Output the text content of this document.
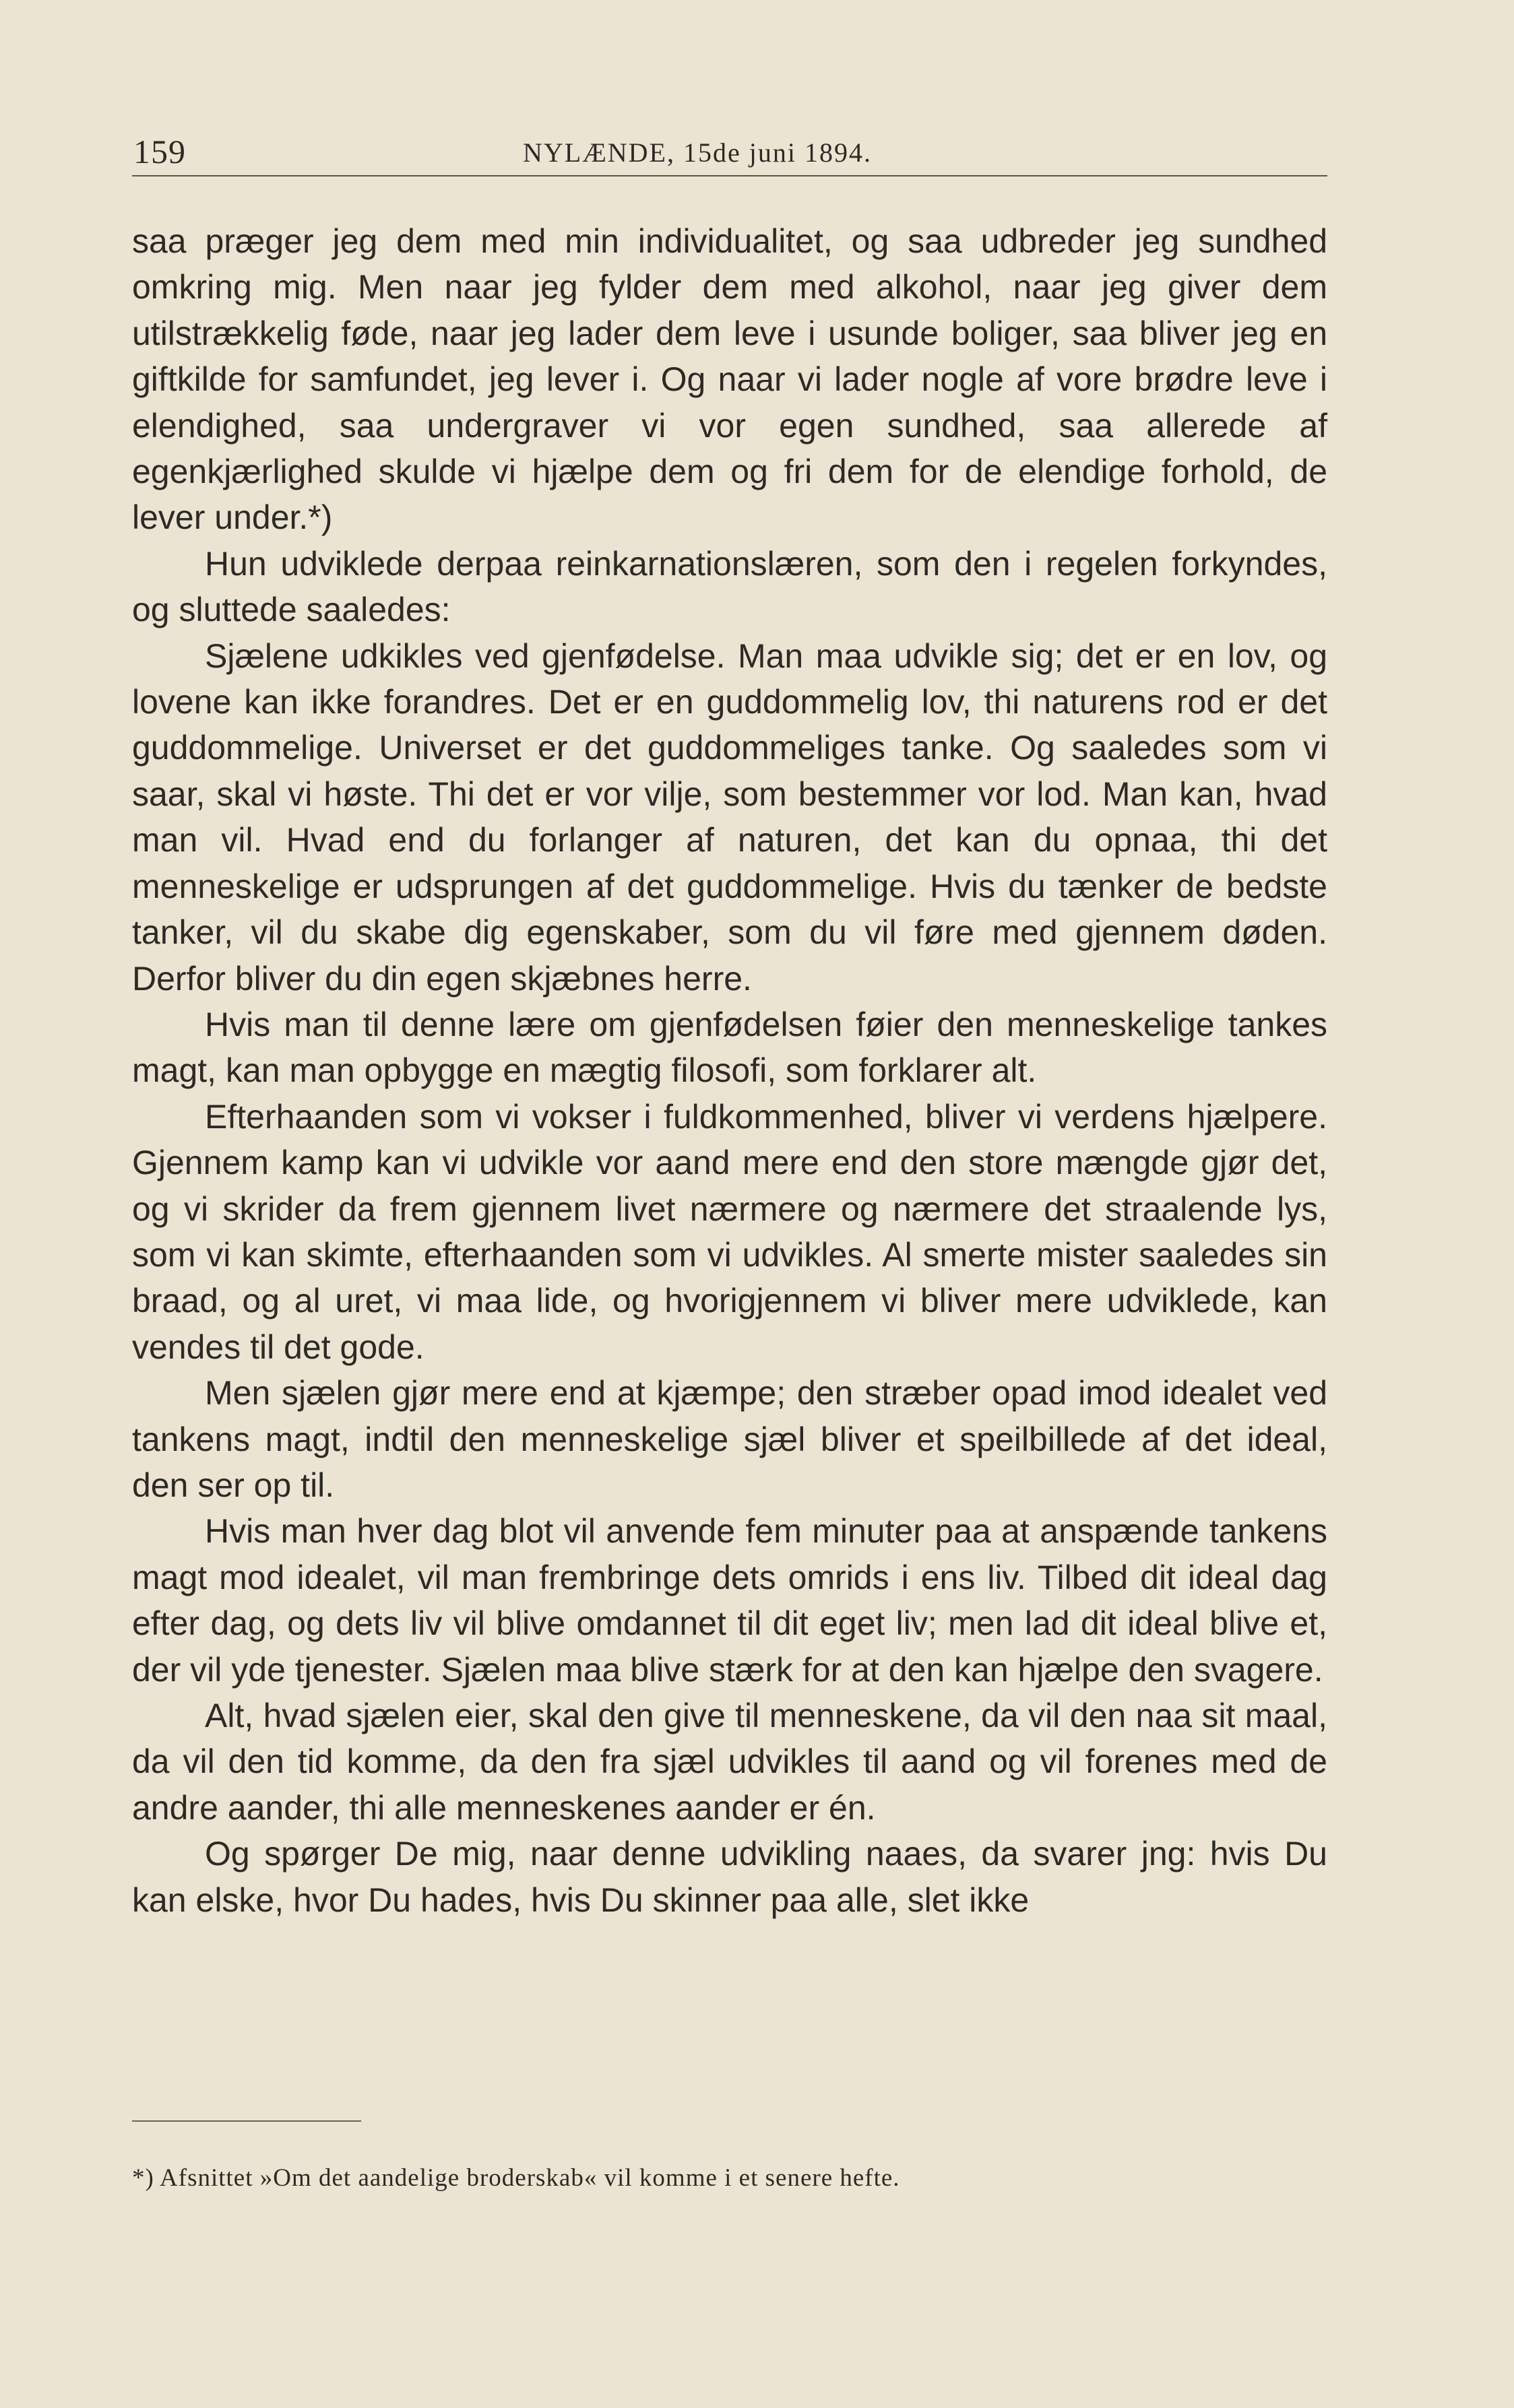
159	NYLÆNDE, 15de juni 1894.

saa præger jeg dem med min individualitet, og saa udbreder jeg sundhed omkring mig. Men naar jeg fylder dem med alkohol, naar jeg giver dem utilstrækkelig føde, naar jeg lader dem leve i usunde boliger, saa bliver jeg en giftkilde for samfundet, jeg lever i. Og naar vi lader nogle af vore brødre leve i elendighed, saa undergraver vi vor egen sundhed, saa allerede af egenkjærlighed skulde vi hjælpe dem og fri dem for de elendige forhold, de lever under.*)

Hun udviklede derpaa reinkarnationslæren, som den i regelen forkyndes, og sluttede saaledes:

Sjælene udkikles ved gjenfødelse. Man maa udvikle sig; det er en lov, og lovene kan ikke forandres. Det er en guddommelig lov, thi naturens rod er det guddommelige. Universet er det guddommeliges tanke. Og saaledes som vi saar, skal vi høste. Thi det er vor vilje, som bestemmer vor lod. Man kan, hvad man vil. Hvad end du forlanger af naturen, det kan du opnaa, thi det menneskelige er udsprungen af det guddommelige. Hvis du tænker de bedste tanker, vil du skabe dig egenskaber, som du vil føre med gjennem døden. Derfor bliver du din egen skjæbnes herre.

Hvis man til denne lære om gjenfødelsen føier den menneskelige tankes magt, kan man opbygge en mægtig filosofi, som forklarer alt.

Efterhaanden som vi vokser i fuldkommenhed, bliver vi verdens hjælpere. Gjennem kamp kan vi udvikle vor aand mere end den store mængde gjør det, og vi skrider da frem gjennem livet nærmere og nærmere det straalende lys, som vi kan skimte, efterhaanden som vi udvikles. Al smerte mister saaledes sin braad, og al uret, vi maa lide, og hvorigjennem vi bliver mere udviklede, kan vendes til det gode.

Men sjælen gjør mere end at kjæmpe; den stræber opad imod idealet ved tankens magt, indtil den menneskelige sjæl bliver et speilbillede af det ideal, den ser op til.

Hvis man hver dag blot vil anvende fem minuter paa at anspænde tankens magt mod idealet, vil man frembringe dets omrids i ens liv. Tilbed dit ideal dag efter dag, og dets liv vil blive omdannet til dit eget liv; men lad dit ideal blive et, der vil yde tjenester. Sjælen maa blive stærk for at den kan hjælpe den svagere.

Alt, hvad sjælen eier, skal den give til menneskene, da vil den naa sit maal, da vil den tid komme, da den fra sjæl udvikles til aand og vil forenes med de andre aander, thi alle menneskenes aander er én.

Og spørger De mig, naar denne udvikling naaes, da svarer jng: hvis Du kan elske, hvor Du hades, hvis Du skinner paa alle, slet ikke

*) Afsnittet »Om det aandelige broderskab« vil komme i et senere hefte.
